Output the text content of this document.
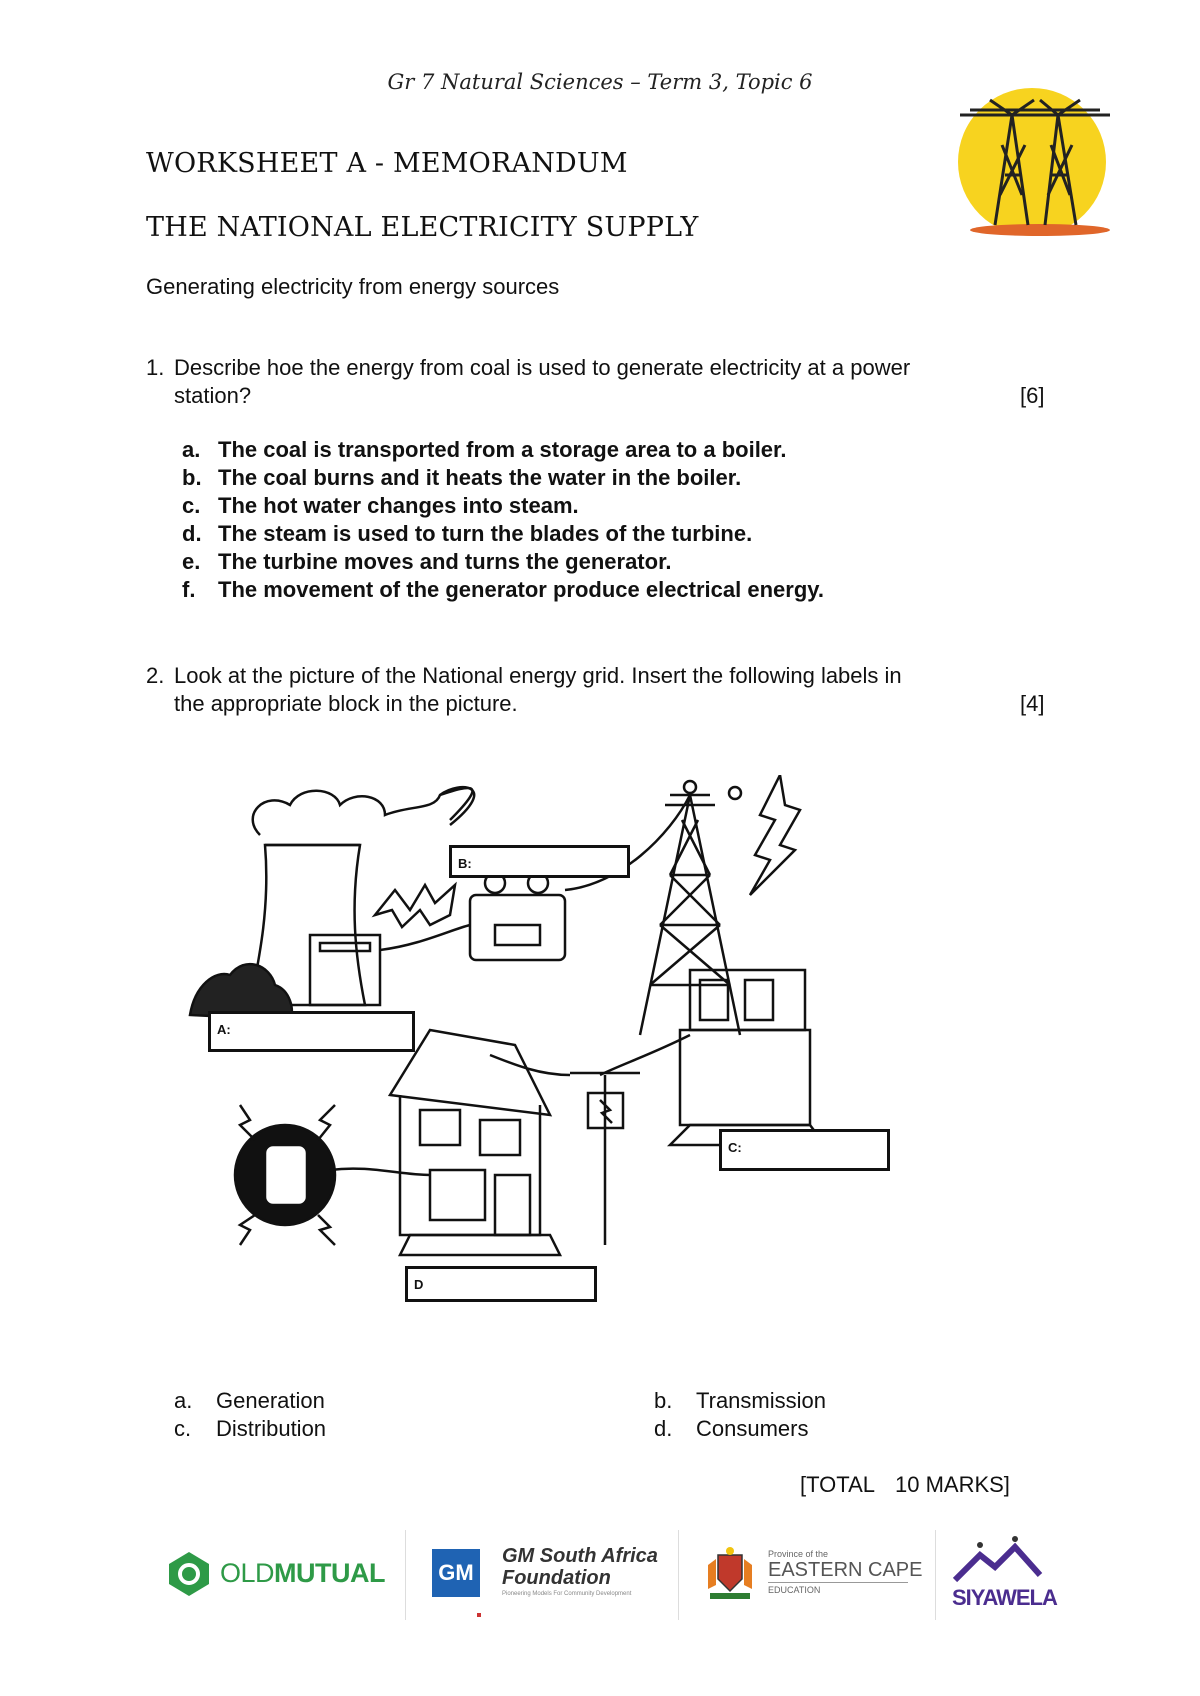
Gr 7 Natural Sciences – Term 3, Topic 6
WORKSHEET A - MEMORANDUM
THE NATIONAL ELECTRICITY SUPPLY
Generating electricity from energy sources
1. Describe hoe the energy from coal is used to generate electricity at a power
station?	[6]
a. The coal is transported from a storage area to a boiler.
b. The coal burns and it heats the water in the boiler.
c. The hot water changes into steam.
d. The steam is used to turn the blades of the turbine.
e. The turbine moves and turns the generator.
f. The movement of the generator produce electrical energy.
2. Look at the picture of the National energy grid. Insert the following labels in
the appropriate block in the picture.	[4]
A:
B:
C:
D
a. Generation	b. Transmission
c. Distribution	d. Consumers
[TOTAL 10 MARKS]
OLDMUTUAL GM
GM South Africa
Foundation
Pioneering Models For Community Development
Province of the
EASTERN CAPE
EDUCATION	SIYAWELA
